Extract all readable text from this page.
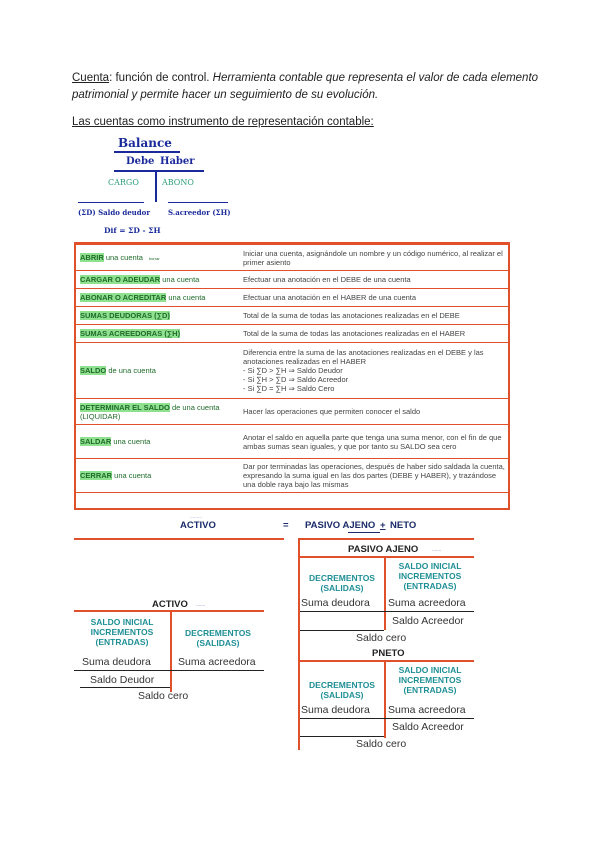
Cuenta: función de control. Herramienta contable que representa el valor de cada elemento patrimonial y permite hacer un seguimiento de su evolución.
Las cuentas como instrumento de representación contable:
Balance
Debe Haber
CARGO	ABONO
(ΣD) Saldo deudor	S.acreedor (ΣH)
Dif = ΣD - ΣH
ABRIR una cuenta borrar	Iniciar una cuenta, asignándole un nombre y un código numérico, al realizar el primer asiento

CARGAR O ADEUDAR una cuenta	Efectuar una anotación en el DEBE de una cuenta

ABONAR O ACREDITAR una cuenta	Efectuar una anotación en el HABER de una cuenta

SUMAS DEUDORAS (∑D)	Total de la suma de todas las anotaciones realizadas en el DEBE

SUMAS ACREEDORAS (∑H)	Total de la suma de todas las anotaciones realizadas en el HABER

SALDO de una cuenta	Diferencia entre la suma de las anotaciones realizadas en el DEBE y las anotaciones realizadas en el HABER
- Si ∑D > ∑H ⇒ Saldo Deudor
- Si ∑H > ∑D ⇒ Saldo Acreedor
- Si ∑D = ∑H ⇒ Saldo Cero

DETERMINAR EL SALDO de una cuenta (LIQUIDAR)	Hacer las operaciones que permiten conocer el saldo

SALDAR una cuenta	Anotar el saldo en aquella parte que tenga una suma menor, con el fin de que ambas sumas sean iguales, y que por tanto su SALDO sea cero

CERRAR una cuenta	Dar por terminadas las operaciones, después de haber sido saldada la cuenta, expresando la suma igual en las dos partes (DEBE y HABER), y trazándose una doble raya bajo las mismas
ACTIVO
………
= PASIVO AJENO + NETO
ACTIVO ·······
SALDO INICIAL
INCREMENTOS
(ENTRADAS)
DECREMENTOS
(SALIDAS)
Suma deudora	Suma acreedora
Saldo Deudor
Saldo cero
PASIVO AJENO	·······
DECREMENTOS
(SALIDAS)
SALDO INICIAL
INCREMENTOS
(ENTRADAS)
Suma deudora Suma acreedora
Saldo Acreedor
Saldo cero
PNETO
DECREMENTOS
(SALIDAS)
SALDO INICIAL
INCREMENTOS
(ENTRADAS)
Suma deudora Suma acreedora
Saldo Acreedor
Saldo cero
